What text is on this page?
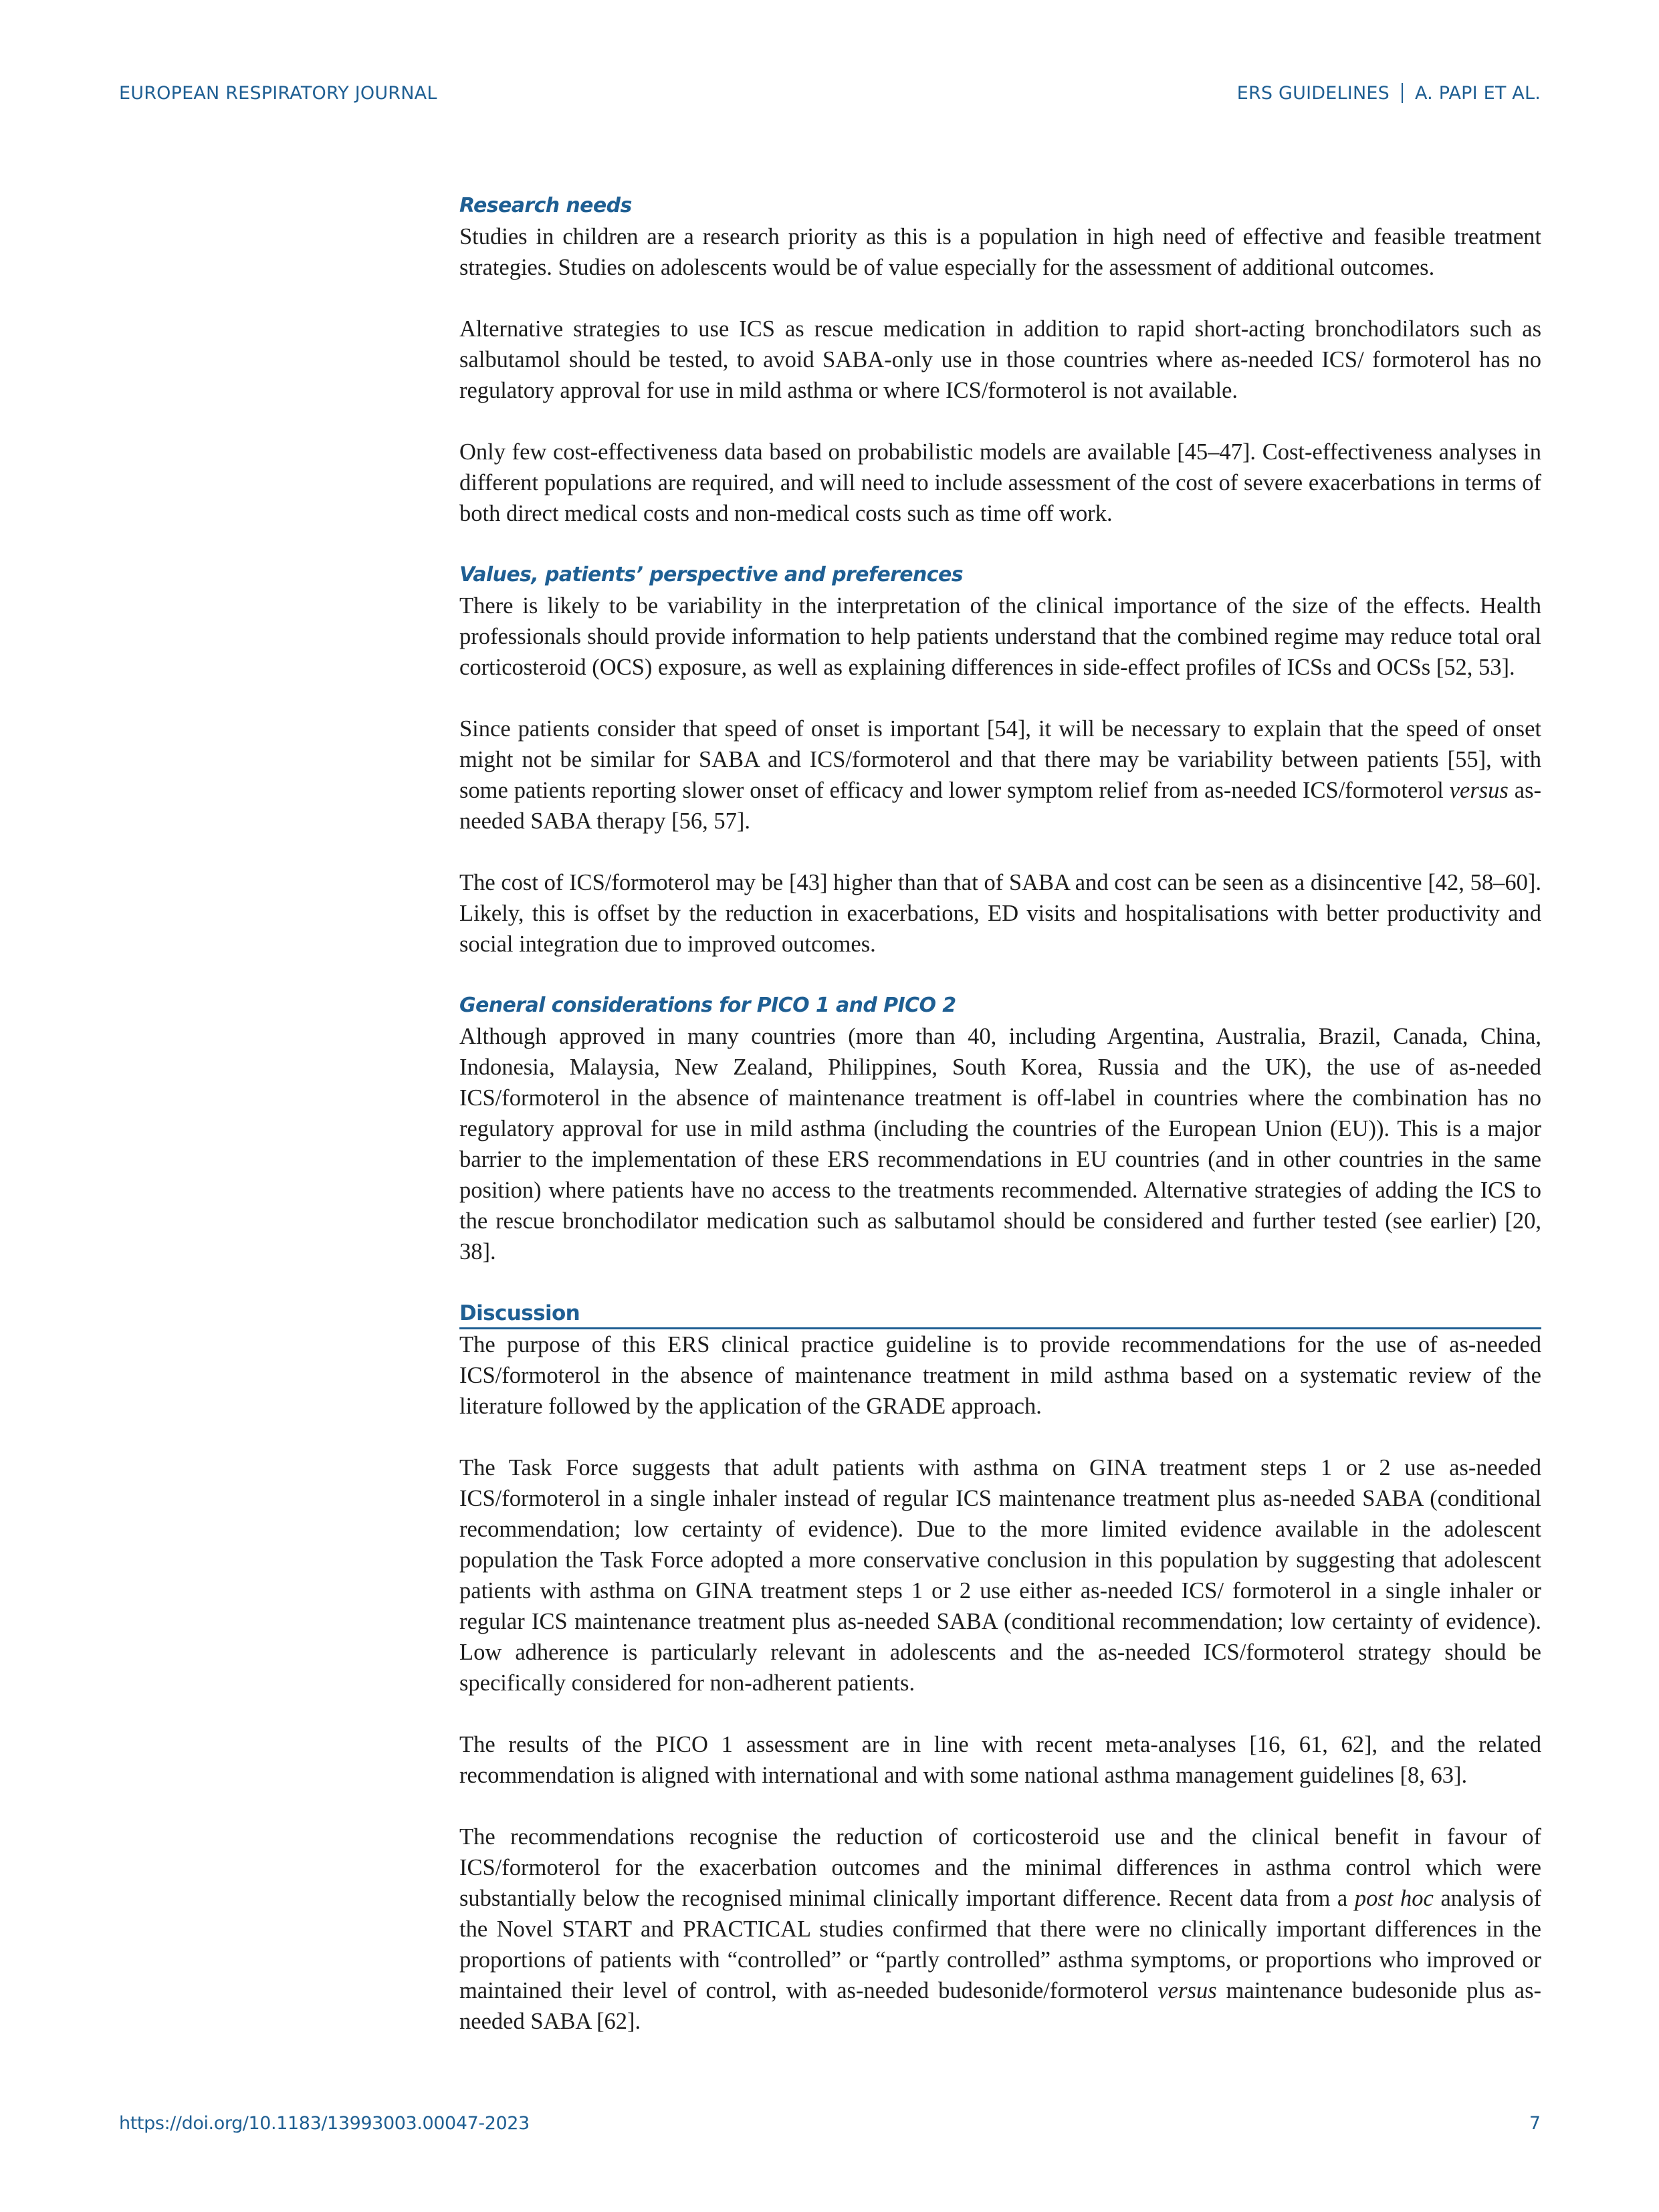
EUROPEAN RESPIRATORY JOURNAL	ERS GUIDELINES A. PAPI ET AL.
Research needs

Studies in children are a research priority as this is a population in high need of effective and feasible treatment strategies. Studies on adolescents would be of value especially for the assessment of additional outcomes.

Alternative strategies to use ICS as rescue medication in addition to rapid short-acting bronchodilators such as salbutamol should be tested, to avoid SABA-only use in those countries where as-needed ICS/ formoterol has no regulatory approval for use in mild asthma or where ICS/formoterol is not available.

Only few cost-effectiveness data based on probabilistic models are available [45–47]. Cost-effectiveness analyses in different populations are required, and will need to include assessment of the cost of severe exacerbations in terms of both direct medical costs and non-medical costs such as time off work.

Values, patients’ perspective and preferences

There is likely to be variability in the interpretation of the clinical importance of the size of the effects. Health professionals should provide information to help patients understand that the combined regime may reduce total oral corticosteroid (OCS) exposure, as well as explaining differences in side-effect profiles of ICSs and OCSs [52, 53].

Since patients consider that speed of onset is important [54], it will be necessary to explain that the speed of onset might not be similar for SABA and ICS/formoterol and that there may be variability between patients [55], with some patients reporting slower onset of efficacy and lower symptom relief from as-needed ICS/formoterol versus as-needed SABA therapy [56, 57].

The cost of ICS/formoterol may be [43] higher than that of SABA and cost can be seen as a disincentive [42, 58–60]. Likely, this is offset by the reduction in exacerbations, ED visits and hospitalisations with better productivity and social integration due to improved outcomes.

General considerations for PICO 1 and PICO 2

Although approved in many countries (more than 40, including Argentina, Australia, Brazil, Canada, China, Indonesia, Malaysia, New Zealand, Philippines, South Korea, Russia and the UK), the use of as-needed ICS/formoterol in the absence of maintenance treatment is off-label in countries where the combination has no regulatory approval for use in mild asthma (including the countries of the European Union (EU)). This is a major barrier to the implementation of these ERS recommendations in EU countries (and in other countries in the same position) where patients have no access to the treatments recommended. Alternative strategies of adding the ICS to the rescue bronchodilator medication such as salbutamol should be considered and further tested (see earlier) [20, 38].

Discussion

The purpose of this ERS clinical practice guideline is to provide recommendations for the use of as-needed ICS/formoterol in the absence of maintenance treatment in mild asthma based on a systematic review of the literature followed by the application of the GRADE approach.

The Task Force suggests that adult patients with asthma on GINA treatment steps 1 or 2 use as-needed ICS/formoterol in a single inhaler instead of regular ICS maintenance treatment plus as-needed SABA (conditional recommendation; low certainty of evidence). Due to the more limited evidence available in the adolescent population the Task Force adopted a more conservative conclusion in this population by suggesting that adolescent patients with asthma on GINA treatment steps 1 or 2 use either as-needed ICS/ formoterol in a single inhaler or regular ICS maintenance treatment plus as-needed SABA (conditional recommendation; low certainty of evidence). Low adherence is particularly relevant in adolescents and the as-needed ICS/formoterol strategy should be specifically considered for non-adherent patients.

The results of the PICO 1 assessment are in line with recent meta-analyses [16, 61, 62], and the related recommendation is aligned with international and with some national asthma management guidelines [8, 63].

The recommendations recognise the reduction of corticosteroid use and the clinical benefit in favour of ICS/formoterol for the exacerbation outcomes and the minimal differences in asthma control which were substantially below the recognised minimal clinically important difference. Recent data from a post hoc analysis of the Novel START and PRACTICAL studies confirmed that there were no clinically important differences in the proportions of patients with “controlled” or “partly controlled” asthma symptoms, or proportions who improved or maintained their level of control, with as-needed budesonide/formoterol versus maintenance budesonide plus as-needed SABA [62].

https://doi.org/10.1183/13993003.00047-2023	7
